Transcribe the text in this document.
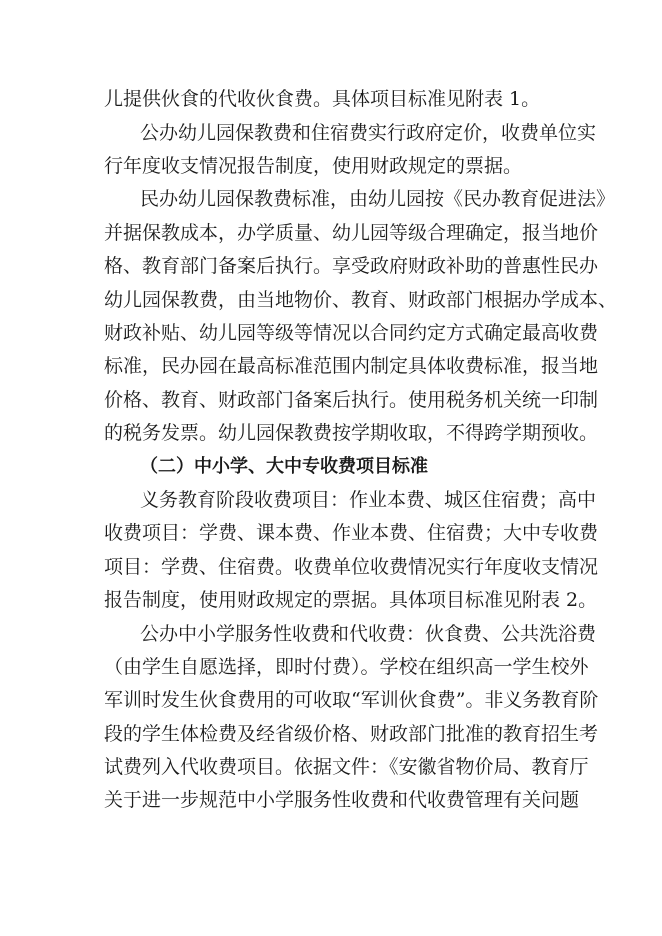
儿提供伙食的代收伙食费。具体项目标准见附表 1。
公办幼儿园保教费和住宿费实行政府定价，收费单位实
行年度收支情况报告制度，使用财政规定的票据。
民办幼儿园保教费标准，由幼儿园按《民办教育促进法》
并据保教成本，办学质量、幼儿园等级合理确定，报当地价
格、教育部门备案后执行。享受政府财政补助的普惠性民办
幼儿园保教费，由当地物价、教育、财政部门根据办学成本、
财政补贴、幼儿园等级等情况以合同约定方式确定最高收费
标准，民办园在最高标准范围内制定具体收费标准，报当地
价格、教育、财政部门备案后执行。使用税务机关统一印制
的税务发票。幼儿园保教费按学期收取，不得跨学期预收。
（二）中小学、大中专收费项目标准
义务教育阶段收费项目：作业本费、城区住宿费；高中
收费项目：学费、课本费、作业本费、住宿费；大中专收费
项目：学费、住宿费。收费单位收费情况实行年度收支情况
报告制度，使用财政规定的票据。具体项目标准见附表 2。
公办中小学服务性收费和代收费：伙食费、公共洗浴费
（由学生自愿选择，即时付费）。学校在组织高一学生校外
军训时发生伙食费用的可收取“军训伙食费”。非义务教育阶
段的学生体检费及经省级价格、财政部门批准的教育招生考
试费列入代收费项目。依据文件：《安徽省物价局、教育厅
关于进一步规范中小学服务性收费和代收费管理有关问题
